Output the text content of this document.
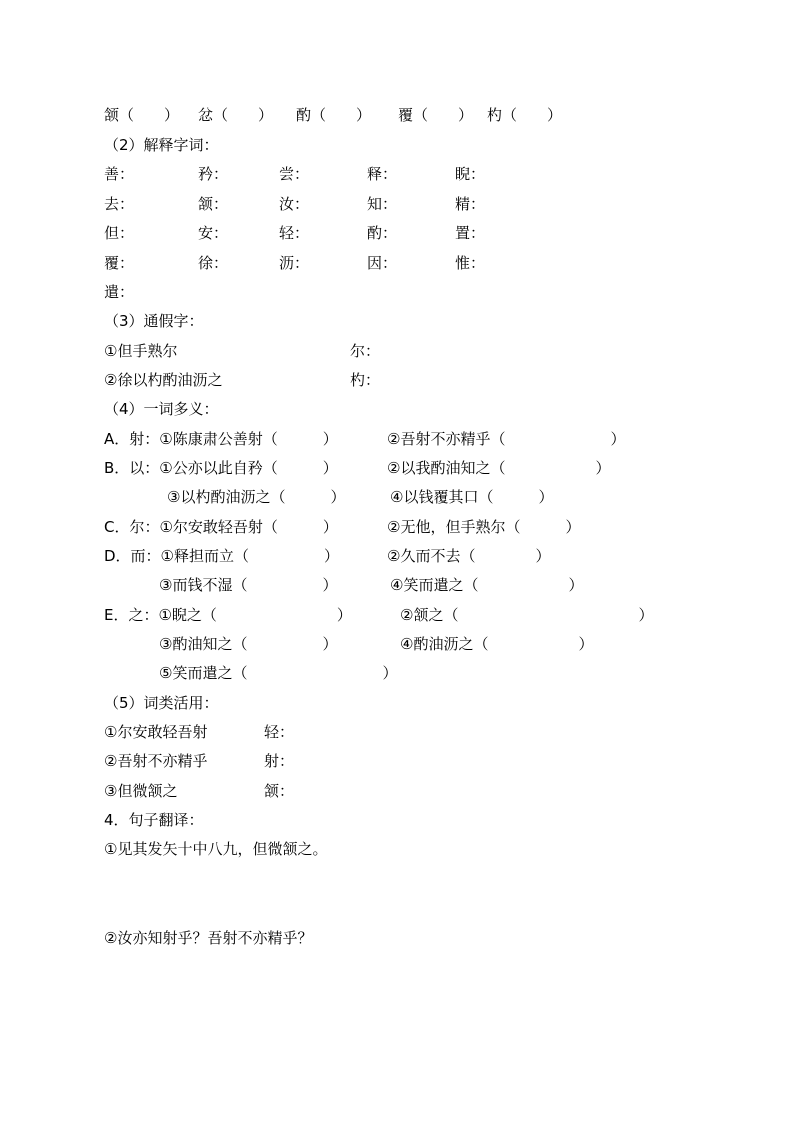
颔（　　）

忿（　　）

酌（　　）

覆（　　）

杓（　　）

（2）解释字词：

善：

	矜：

	尝：

	释：

	睨：

去：

	颔：

	汝：

	知：

	精：

但：

	安：

	轻：

	酌：

	置：

覆：

	徐：

	沥：

	因：

	惟：

遣：

（3）通假字：

①但手熟尔

	尔：

②徐以杓酌油沥之

	杓：

（4）一词多义：

A．射：①陈康肃公善射（　　　）

	②吾射不亦精乎（　　　　　　　）

B．以：①公亦以此自矜（　　　）

	②以我酌油知之（　　　　　　）

③以杓酌油沥之（　　　）

	④以钱覆其口（　　　）

C．尔：①尔安敢轻吾射（　　　）

	②无他，但手熟尔（　　　）

D．而：①释担而立（　　　　　）

	②久而不去（　　　　）

③而钱不湿（　　　　　）

	④笑而遣之（　　　　　　）

E．之：①睨之（　　　　　　　　）

	②颔之（　　　　　　　　　　　　）

③酌油知之（　　　　　）

	④酌油沥之（　　　　　　）

⑤笑而遣之（　　　　　　　　　）

（5）词类活用：

①尔安敢轻吾射

	轻：

②吾射不亦精乎

	射：

③但微颔之

	颔：

4．句子翻译：
①见其发矢十中八九，但微颔之。
②汝亦知射乎？吾射不亦精乎？
